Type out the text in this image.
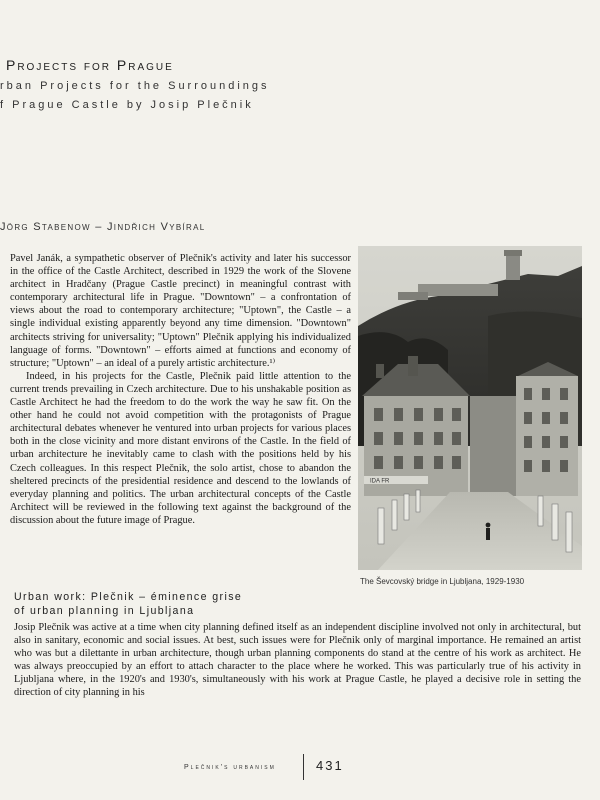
Projects for Prague
rban Projects for the Surroundings
f Prague Castle by Josip Plečnik
Jörg Stabenow – Jindřich Vybíral

Pavel Janák, a sympathetic observer of Plečnik's activity and later his successor in the office of the Castle Architect, described in 1929 the work of the Slovene architect in Hradčany (Prague Castle precinct) in meaningful contrast with contemporary architectural life in Prague. "Downtown" – a confrontation of views about the road to contemporary architecture; "Uptown", the Castle – a single individual existing apparently beyond any time dimension. "Downtown" architects striving for universality; "Uptown" Plečnik applying his individualized language of forms. "Downtown" – efforts aimed at functions and economy of structure; "Uptown" – an ideal of a purely artistic architecture.¹⁾

Indeed, in his projects for the Castle, Plečnik paid little attention to the current trends prevailing in Czech architecture. Due to his unshakable position as Castle Architect he had the freedom to do the work the way he saw fit. On the other hand he could not avoid competition with the protagonists of Prague architectural debates whenever he ventured into urban projects for various places both in the close vicinity and more distant environs of the Castle. In the field of urban architecture he inevitably came to clash with the positions held by his Czech colleagues. In this respect Plečnik, the solo artist, chose to abandon the sheltered precincts of the presidential residence and descend to the lowlands of everyday planning and politics. The urban architectural concepts of the Castle Architect will be reviewed in the following text against the background of the discussion about the future image of Prague.

IDA FR
The Ševcovský bridge in Ljubljana, 1929-1930
Urban work: Plečnik – éminence grise
of urban planning in Ljubljana

Josip Plečnik was active at a time when city planning defined itself as an independent discipline involved not only in architectural, but also in sanitary, economic and social issues. At best, such issues were for Plečnik only of marginal importance. He remained an artist who was but a dilettante in urban architecture, though urban planning components do stand at the centre of his work as architect. He was always preoccupied by an effort to attach character to the place where he worked. This was particularly true of his activity in Ljubljana where, in the 1920's and 1930's, simultaneously with his work at Prague Castle, he played a decisive role in setting the direction of city planning in his

Plečnik's urbanism	431
